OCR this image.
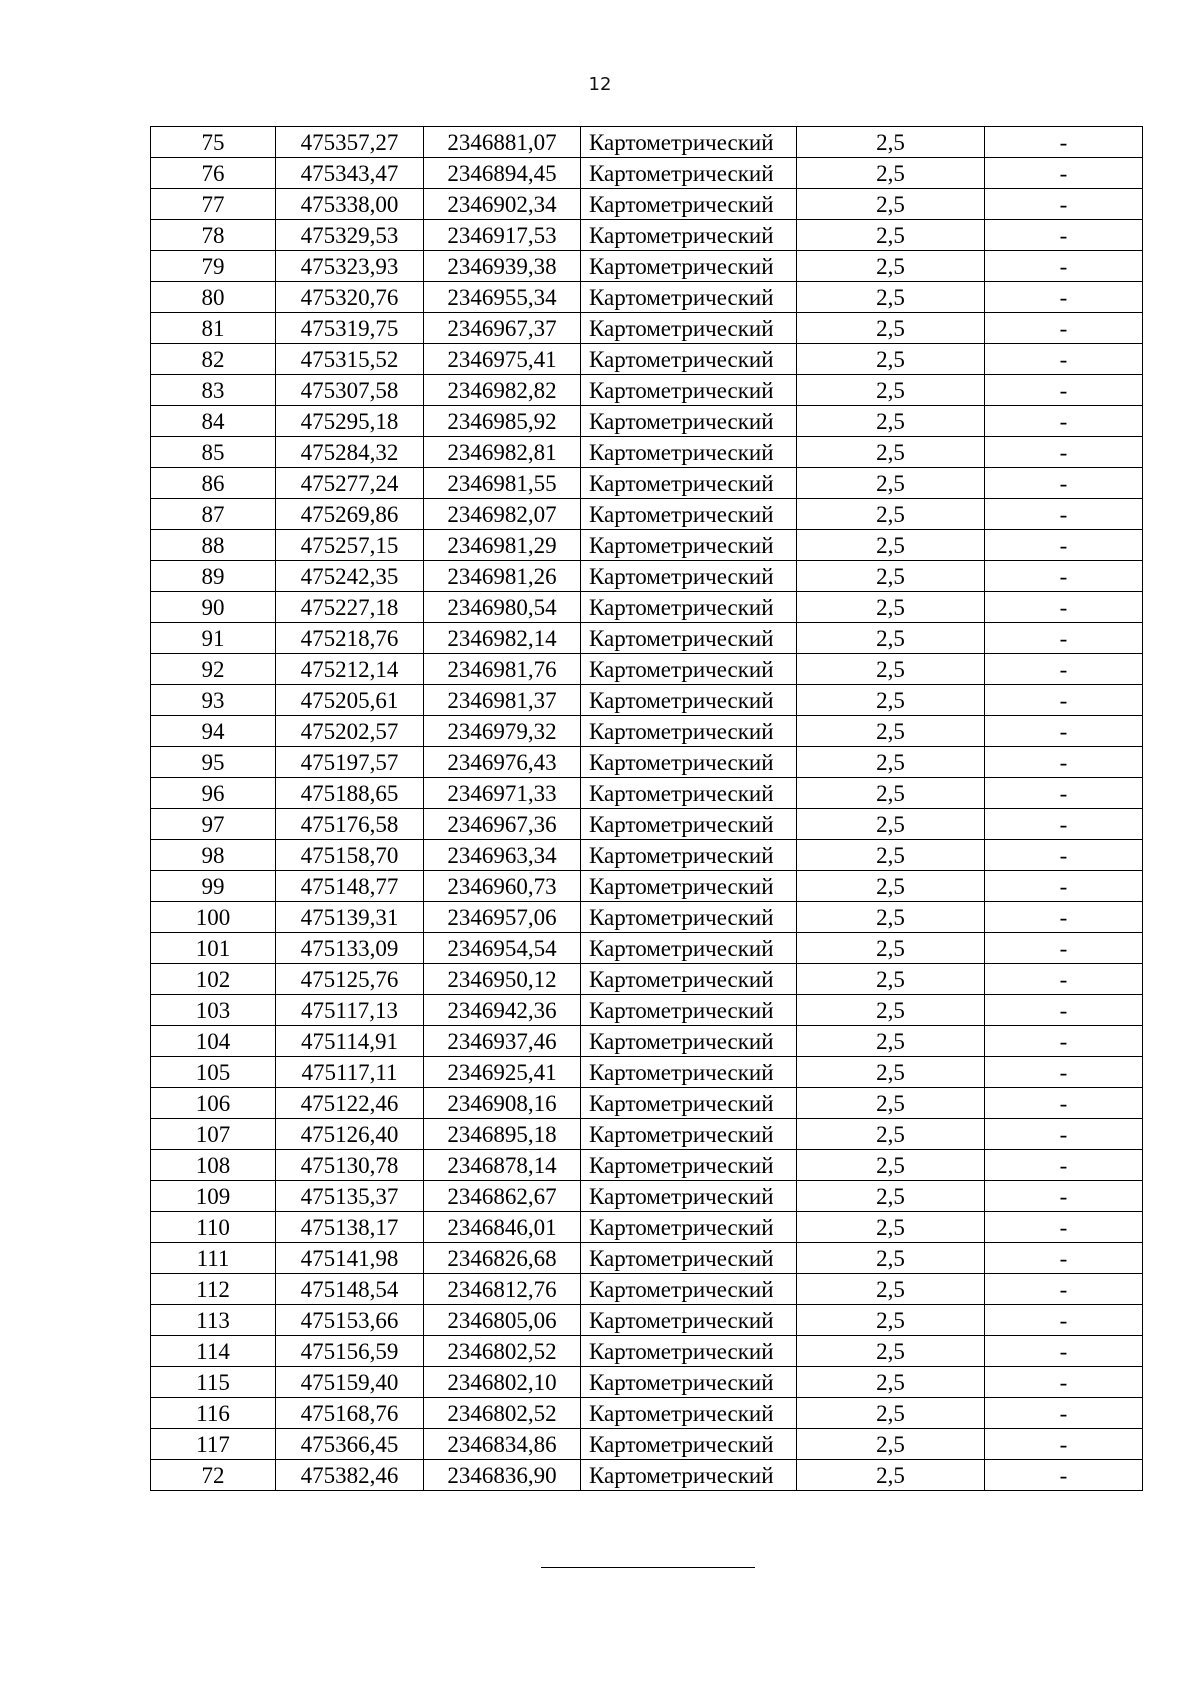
12
75	475357,27	2346881,07	Картометрический	2,5	-
76	475343,47	2346894,45	Картометрический	2,5	-
77	475338,00	2346902,34	Картометрический	2,5	-
78	475329,53	2346917,53	Картометрический	2,5	-
79	475323,93	2346939,38	Картометрический	2,5	-
80	475320,76	2346955,34	Картометрический	2,5	-
81	475319,75	2346967,37	Картометрический	2,5	-
82	475315,52	2346975,41	Картометрический	2,5	-
83	475307,58	2346982,82	Картометрический	2,5	-
84	475295,18	2346985,92	Картометрический	2,5	-
85	475284,32	2346982,81	Картометрический	2,5	-
86	475277,24	2346981,55	Картометрический	2,5	-
87	475269,86	2346982,07	Картометрический	2,5	-
88	475257,15	2346981,29	Картометрический	2,5	-
89	475242,35	2346981,26	Картометрический	2,5	-
90	475227,18	2346980,54	Картометрический	2,5	-
91	475218,76	2346982,14	Картометрический	2,5	-
92	475212,14	2346981,76	Картометрический	2,5	-
93	475205,61	2346981,37	Картометрический	2,5	-
94	475202,57	2346979,32	Картометрический	2,5	-
95	475197,57	2346976,43	Картометрический	2,5	-
96	475188,65	2346971,33	Картометрический	2,5	-
97	475176,58	2346967,36	Картометрический	2,5	-
98	475158,70	2346963,34	Картометрический	2,5	-
99	475148,77	2346960,73	Картометрический	2,5	-
100	475139,31	2346957,06	Картометрический	2,5	-
101	475133,09	2346954,54	Картометрический	2,5	-
102	475125,76	2346950,12	Картометрический	2,5	-
103	475117,13	2346942,36	Картометрический	2,5	-
104	475114,91	2346937,46	Картометрический	2,5	-
105	475117,11	2346925,41	Картометрический	2,5	-
106	475122,46	2346908,16	Картометрический	2,5	-
107	475126,40	2346895,18	Картометрический	2,5	-
108	475130,78	2346878,14	Картометрический	2,5	-
109	475135,37	2346862,67	Картометрический	2,5	-
110	475138,17	2346846,01	Картометрический	2,5	-
111	475141,98	2346826,68	Картометрический	2,5	-
112	475148,54	2346812,76	Картометрический	2,5	-
113	475153,66	2346805,06	Картометрический	2,5	-
114	475156,59	2346802,52	Картометрический	2,5	-
115	475159,40	2346802,10	Картометрический	2,5	-
116	475168,76	2346802,52	Картометрический	2,5	-
117	475366,45	2346834,86	Картометрический	2,5	-
72	475382,46	2346836,90	Картометрический	2,5	-
